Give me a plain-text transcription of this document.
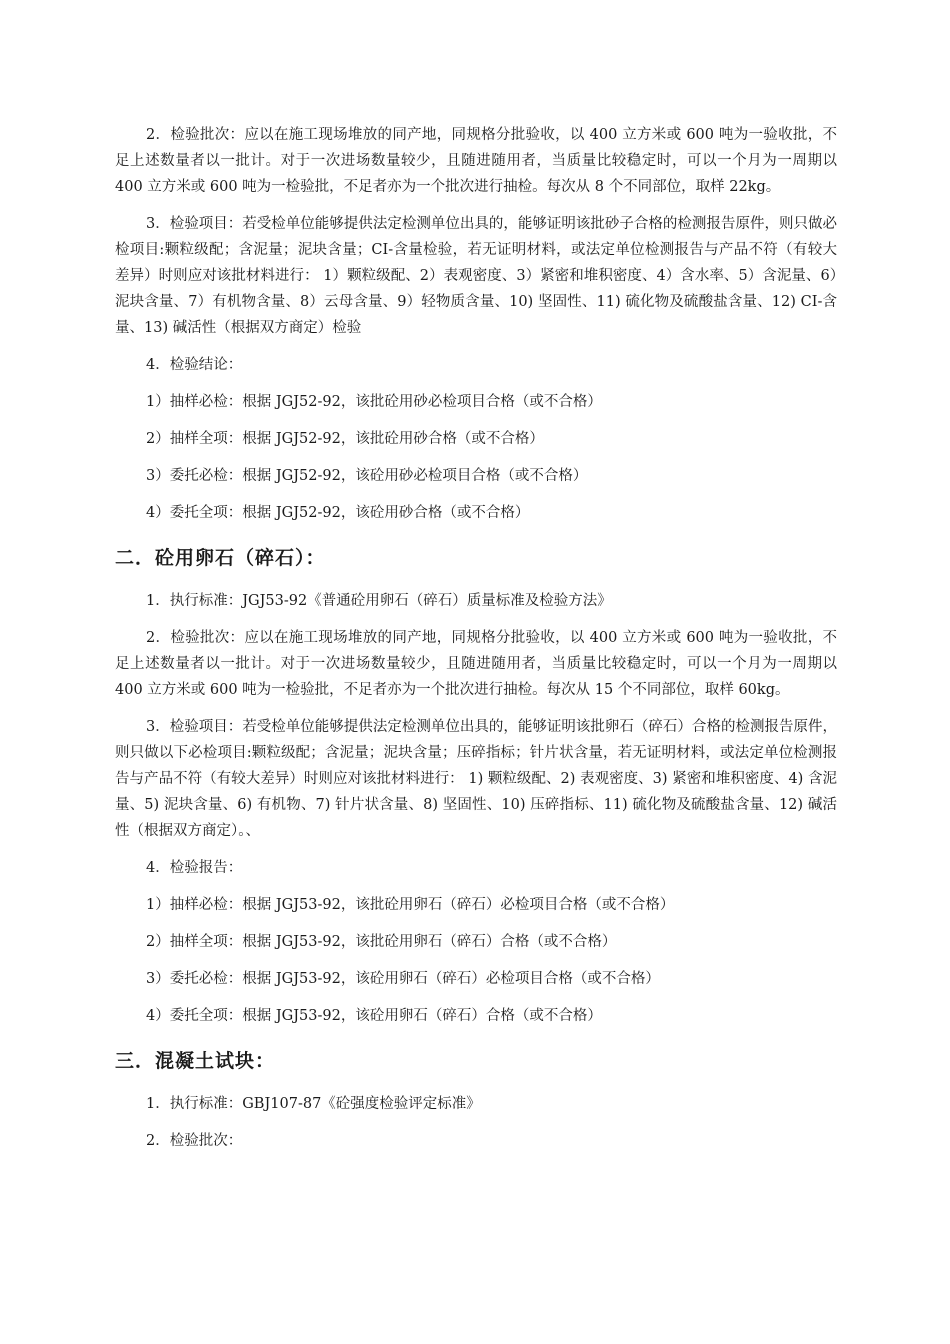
2．检验批次：应以在施工现场堆放的同产地，同规格分批验收，以 400 立方米或 600 吨为一验收批，不足上述数量者以一批计。对于一次进场数量较少，且随进随用者，当质量比较稳定时，可以一个月为一周期以 400 立方米或 600 吨为一检验批，不足者亦为一个批次进行抽检。每次从 8 个不同部位，取样 22kg。

3．检验项目：若受检单位能够提供法定检测单位出具的，能够证明该批砂子合格的检测报告原件，则只做必检项目:颗粒级配；含泥量；泥块含量；CI-含量检验，若无证明材料，或法定单位检测报告与产品不符（有较大差异）时则应对该批材料进行： 1）颗粒级配、2）表观密度、3）紧密和堆积密度、4）含水率、5）含泥量、6）泥块含量、7）有机物含量、8）云母含量、9）轻物质含量、10) 坚固性、11) 硫化物及硫酸盐含量、12) CI-含量、13) 碱活性（根据双方商定）检验

4．检验结论：
1）抽样必检：根据 JGJ52-92，该批砼用砂必检项目合格（或不合格）
2）抽样全项：根据 JGJ52-92，该批砼用砂合格（或不合格）
3）委托必检：根据 JGJ52-92，该砼用砂必检项目合格（或不合格）
4）委托全项：根据 JGJ52-92，该砼用砂合格（或不合格）
二．砼用卵石（碎石）：
1．执行标准：JGJ53-92《普通砼用卵石（碎石）质量标准及检验方法》

2．检验批次：应以在施工现场堆放的同产地，同规格分批验收，以 400 立方米或 600 吨为一验收批，不足上述数量者以一批计。对于一次进场数量较少，且随进随用者，当质量比较稳定时，可以一个月为一周期以 400 立方米或 600 吨为一检验批，不足者亦为一个批次进行抽检。每次从 15 个不同部位，取样 60kg。

3．检验项目：若受检单位能够提供法定检测单位出具的，能够证明该批卵石（碎石）合格的检测报告原件，则只做以下必检项目:颗粒级配；含泥量；泥块含量；压碎指标；针片状含量，若无证明材料，或法定单位检测报告与产品不符（有较大差异）时则应对该批材料进行： 1) 颗粒级配、2) 表观密度、3) 紧密和堆积密度、4) 含泥量、5) 泥块含量、6) 有机物、7) 针片状含量、8) 坚固性、10) 压碎指标、11) 硫化物及硫酸盐含量、12) 碱活性（根据双方商定）。、

4．检验报告：
1）抽样必检：根据 JGJ53-92，该批砼用卵石（碎石）必检项目合格（或不合格）
2）抽样全项：根据 JGJ53-92，该批砼用卵石（碎石）合格（或不合格）
3）委托必检：根据 JGJ53-92，该砼用卵石（碎石）必检项目合格（或不合格）
4）委托全项：根据 JGJ53-92，该砼用卵石（碎石）合格（或不合格）
三．混凝土试块：
1．执行标准：GBJ107-87《砼强度检验评定标准》
2．检验批次：
